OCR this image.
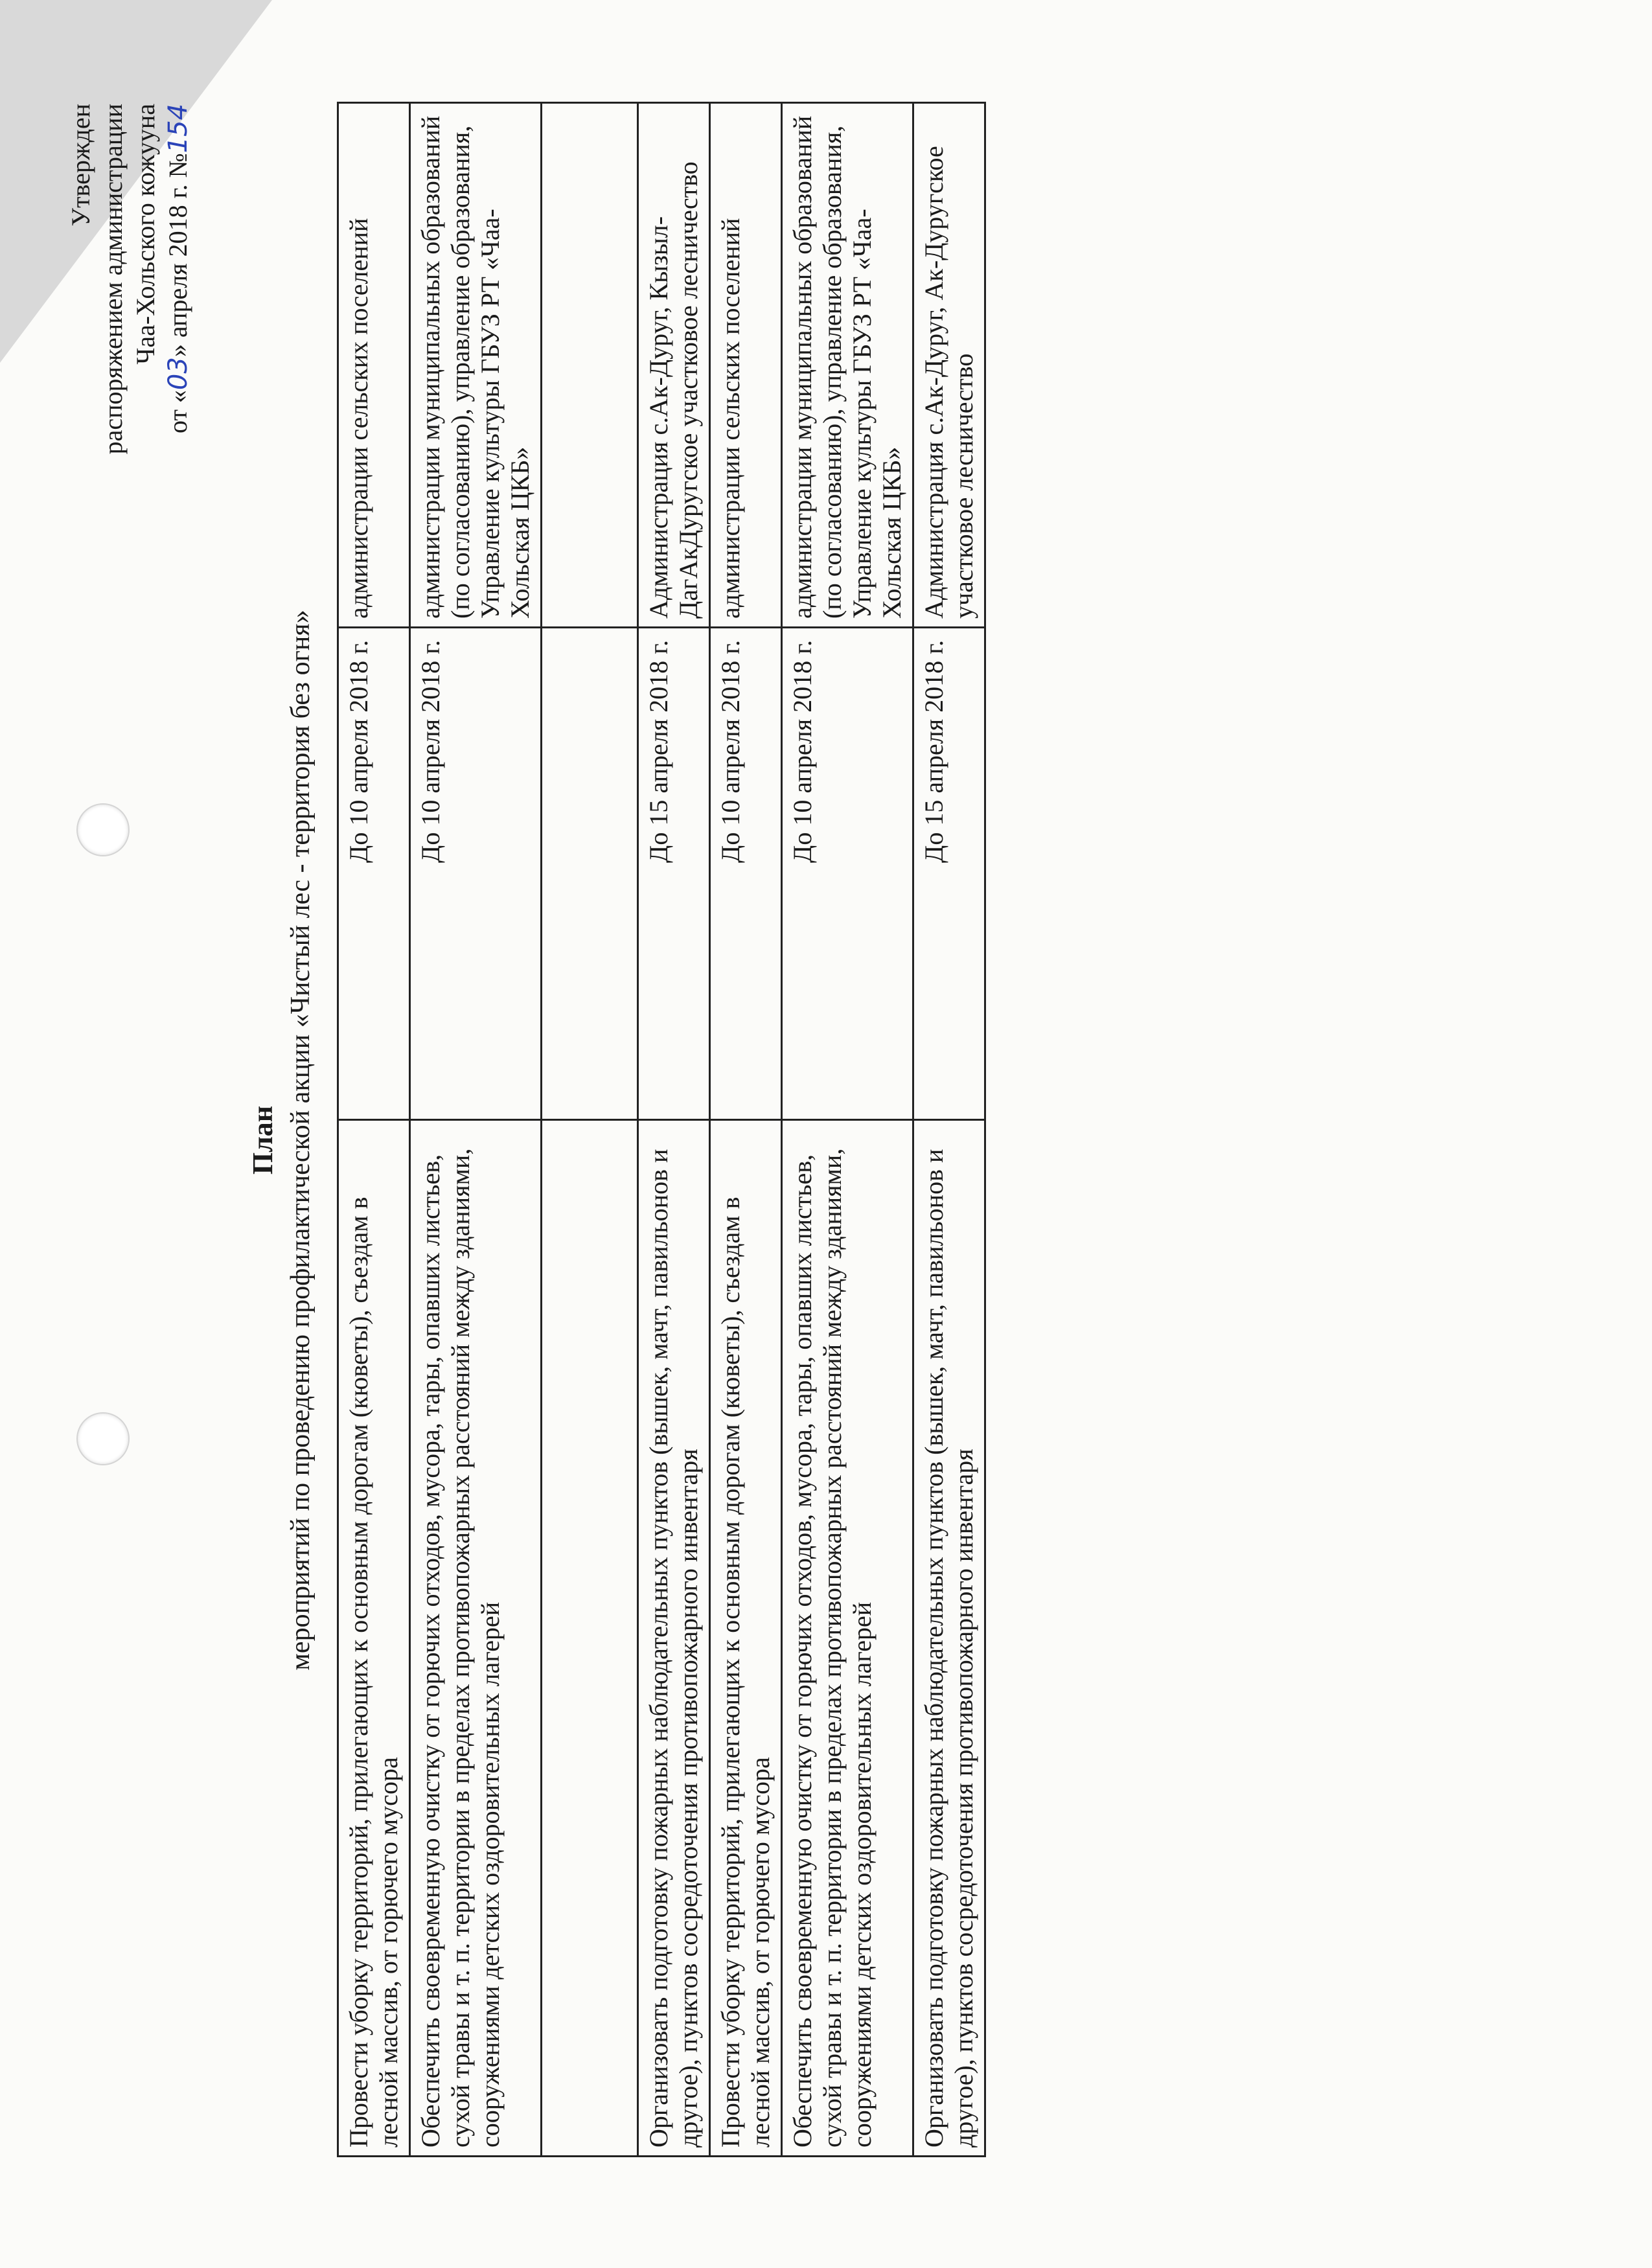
Утвержден распоряжением администрации Чаа-Хольского кожууна
от «03» апреля 2018 г. №154
План мероприятий по проведению профилактической акции «Чистый лес - территория без огня»
Провести уборку территорий, прилегающих к основным дорогам (кюветы), съездам в лесной массив, от горючего мусора	До 10 апреля 2018 г.	администрации сельских поселений
Обеспечить своевременную очистку от горючих отходов, мусора, тары, опавших листьев, сухой травы и т. п. территории в пределах противопожарных расстояний между зданиями, сооружениями детских оздоровительных лагерей	До 10 апреля 2018 г.	администрации муниципальных образований (по согласованию), управление образования, Управление культуры ГБУЗ РТ «Чаа-Хольская ЦКБ»

Организовать подготовку пожарных наблюдательных пунктов (вышек, мачт, павильонов и другое), пунктов сосредоточения противопожарного инвентаря	До 15 апреля 2018 г.	Администрация с.Ак-Дуруг, Кызыл-ДагАкДуругское участковое лесничество
Провести уборку территорий, прилегающих к основным дорогам (кюветы), съездам в лесной массив, от горючего мусора	До 10 апреля 2018 г.	администрации сельских поселений
Обеспечить своевременную очистку от горючих отходов, мусора, тары, опавших листьев, сухой травы и т. п. территории в пределах противопожарных расстояний между зданиями, сооружениями детских оздоровительных лагерей	До 10 апреля 2018 г.	администрации муниципальных образований (по согласованию), управление образования, Управление культуры ГБУЗ РТ «Чаа-Хольская ЦКБ»
Организовать подготовку пожарных наблюдательных пунктов (вышек, мачт, павильонов и другое), пунктов сосредоточения противопожарного инвентаря	До 15 апреля 2018 г.	Администрация с.Ак-Дуруг, Ак-Дуругское участковое лесничество
